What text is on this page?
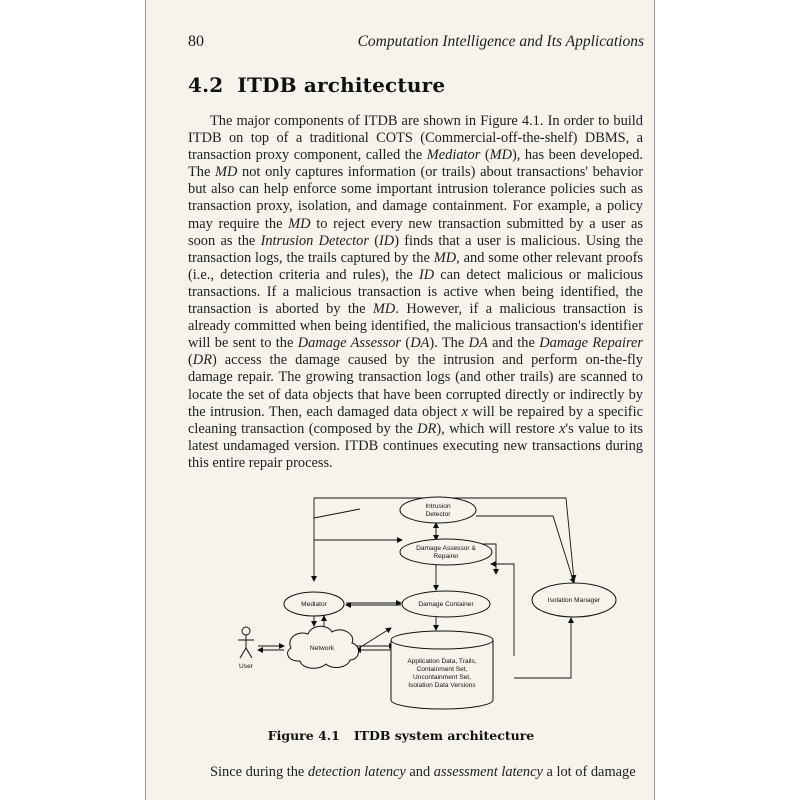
80	Computation Intelligence and Its Applications
4.2 ITDB architecture

The major components of ITDB are shown in Figure 4.1. In order to build ITDB on top of a traditional COTS (Commercial-off-the-shelf) DBMS, a transaction proxy component, called the Mediator (MD), has been developed. The MD not only captures information (or trails) about transactions' behavior but also can help enforce some important intrusion tolerance policies such as transaction proxy, isolation, and damage containment. For example, a policy may require the MD to reject every new transaction submitted by a user as soon as the Intrusion Detector (ID) finds that a user is malicious. Using the transaction logs, the trails captured by the MD, and some other relevant proofs (i.e., detection criteria and rules), the ID can detect malicious or malicious transactions. If a malicious transaction is active when being identified, the transaction is aborted by the MD. However, if a malicious transaction is already committed when being identified, the malicious transaction's identifier will be sent to the Damage Assessor (DA). The DA and the Damage Repairer (DR) access the damage caused by the intrusion and perform on-the-fly damage repair. The growing transaction logs (and other trails) are scanned to locate the set of data objects that have been corrupted directly or indirectly by the intrusion. Then, each damaged data object x will be repaired by a specific cleaning transaction (composed by the DR), which will restore x's value to its latest undamaged version. ITDB continues executing new transactions during this entire repair process.

Intrusion
Detector
Damage Assessor &
Repairer
Mediator	Damage Container
Isolation Manager
Network
User
Application Data, Trails,
Containment Set,
Uncontainment Set,
Isolation Data Versions
Figure 4.1 ITDB system architecture

Since during the detection latency and assessment latency a lot of damage
